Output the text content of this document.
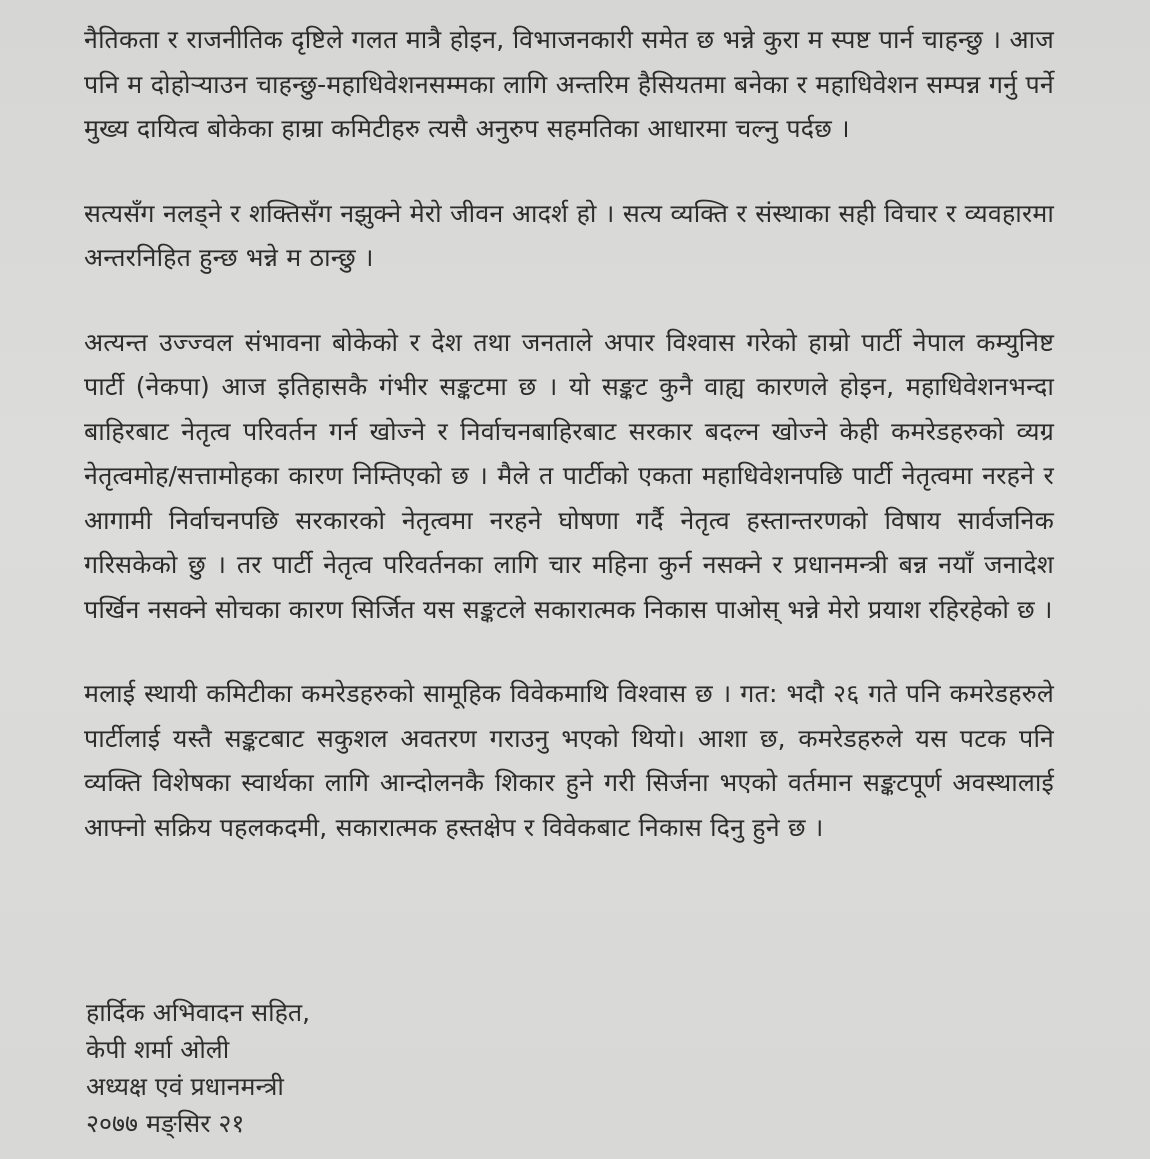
नैतिकता र राजनीतिक दृष्टिले गलत मात्रै होइन, विभाजनकारी समेत छ भन्ने कुरा म स्पष्ट पार्न चाहन्छु । आज पनि म दोहोर्‍याउन चाहन्छु-महाधिवेशनसम्मका लागि अन्तरिम हैसियतमा बनेका र महाधिवेशन सम्पन्न गर्नु पर्ने मुख्य दायित्व बोकेका हाम्रा कमिटीहरु त्यसै अनुरुप सहमतिका आधारमा चल्नु पर्दछ ।

सत्यसँग नलड्ने र शक्तिसँग नझुक्ने मेरो जीवन आदर्श हो । सत्य व्यक्ति र संस्थाका सही विचार र व्यवहारमा अन्तरनिहित हुन्छ भन्ने म ठान्छु ।

अत्यन्त उज्ज्वल संभावना बोकेको र देश तथा जनताले अपार विश्वास गरेको हाम्रो पार्टी नेपाल कम्युनिष्ट पार्टी (नेकपा) आज इतिहासकै गंभीर सङ्कटमा छ । यो सङ्कट कुनै वाह्य कारणले होइन, महाधिवेशनभन्दा बाहिरबाट नेतृत्व परिवर्तन गर्न खोज्ने र निर्वाचनबाहिरबाट सरकार बदल्न खोज्ने केही कमरेडहरुको व्यग्र नेतृत्वमोह/सत्तामोहका कारण निम्तिएको छ । मैले त पार्टीको एकता महाधिवेशनपछि पार्टी नेतृत्वमा नरहने र आगामी निर्वाचनपछि सरकारको नेतृत्वमा नरहने घोषणा गर्दै नेतृत्व हस्तान्तरणको विषाय सार्वजनिक गरिसकेको छु । तर पार्टी नेतृत्व परिवर्तनका लागि चार महिना कुर्न नसक्ने र प्रधानमन्त्री बन्न नयाँ जनादेश पर्खिन नसक्ने सोचका कारण सिर्जित यस सङ्कटले सकारात्मक निकास पाओस् भन्ने मेरो प्रयाश रहिरहेको छ ।

मलाई स्थायी कमिटीका कमरेडहरुको सामूहिक विवेकमाथि विश्वास छ । गत: भदौ २६ गते पनि कमरेडहरुले पार्टीलाई यस्तै सङ्कटबाट सकुशल अवतरण गराउनु भएको थियो। आशा छ, कमरेडहरुले यस पटक पनि व्यक्ति विशेषका स्वार्थका लागि आन्दोलनकै शिकार हुने गरी सिर्जना भएको वर्तमान सङ्कटपूर्ण अवस्थालाई आफ्नो सक्रिय पहलकदमी, सकारात्मक हस्तक्षेप र विवेकबाट निकास दिनु हुने छ ।

हार्दिक अभिवादन सहित,
केपी शर्मा ओली
अध्यक्ष एवं प्रधानमन्त्री
२०७७ मङ्सिर २१
